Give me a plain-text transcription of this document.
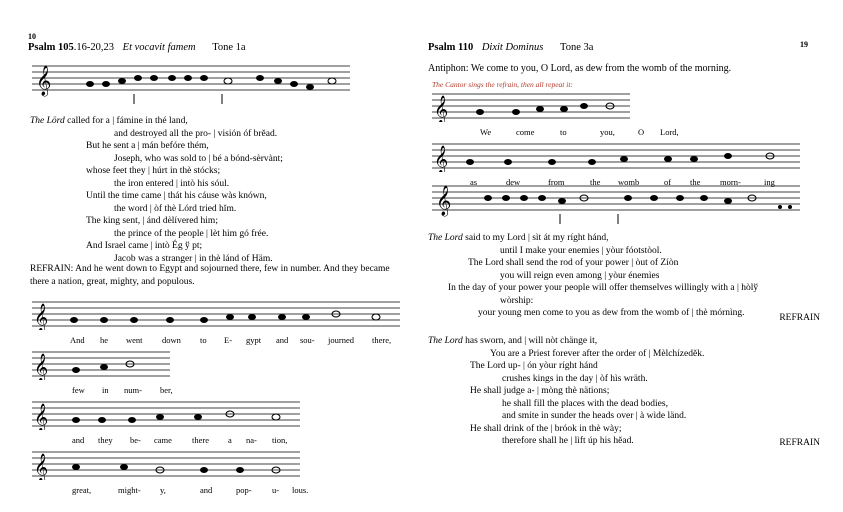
10
19
Psalm 105.16-20,23 Et vocavit famem Tone 1a
𝄞
The Lörd called for a | fámine in thé land,
and destroyed all the pro- | visión óf brĕad.
But he sent a | mán befóre thém,
Joseph, who was sold to | bé a bónd-sèrvànt;
whose feet they | húrt in thè stócks;
the iron entered | intò his sóul.
Until the time came | thát his cáuse wàs knówn,
the word | òf thè Lórd tried hĭm.
The king sent, | ánd dèlívered him;
the prince of the people | lèt him gó frée.
And Israel came | intò Ég ў pt;
Jacob was a stranger | in thè lánd of Häm.
REFRAIN: And he went down to Egypt and sojourned there, few in number. And they became there a nation, great, mighty, and populous.
𝄞
And he went down to E- gypt and sou- journed there,
𝄞
few in num- ber,
𝄞
and they be- came there a na- tion,
𝄞
great,	might- y,	and	pop- u- lous.
Psalm 110 Dixit Dominus Tone 3a
Antiphon: We come to you, O Lord, as dew from the womb of the morning.
The Cantor sings the refrain, then all repeat it:
𝄞
We	come	to	you,	O Lord,
𝄞
as	dew	from	the womb	of the morn-	ing
𝄞
The Lord said to my Lord | sìt át my ríght hánd,
until I make your enemies | yòur fóotstòol.
The Lord shall send the rod of your power | òut of Zíòn
you will reign even among | yòur énemìes
In the day of your power your people will offer themselves willingly with a | hòlў
wòrship:
your young men come to you as dew from the womb of | thè mórnìng.	REFRAIN
The Lord has sworn, and | will nòt chänge it,
You are a Priest forever after the order of | Mèlchízedĕk.
The Lord up- | ón yòur ríght hánd
crushes kings in the day | òf hìs wräth.
He shall judge a- | mòng thè nätions;
he shall fill the places with the dead bodies,
and smite in sunder the heads over | à wìde länd.
He shall drink of the | bróok in thè wày;
therefore shall he | lìft úp his hĕad.	REFRAIN
